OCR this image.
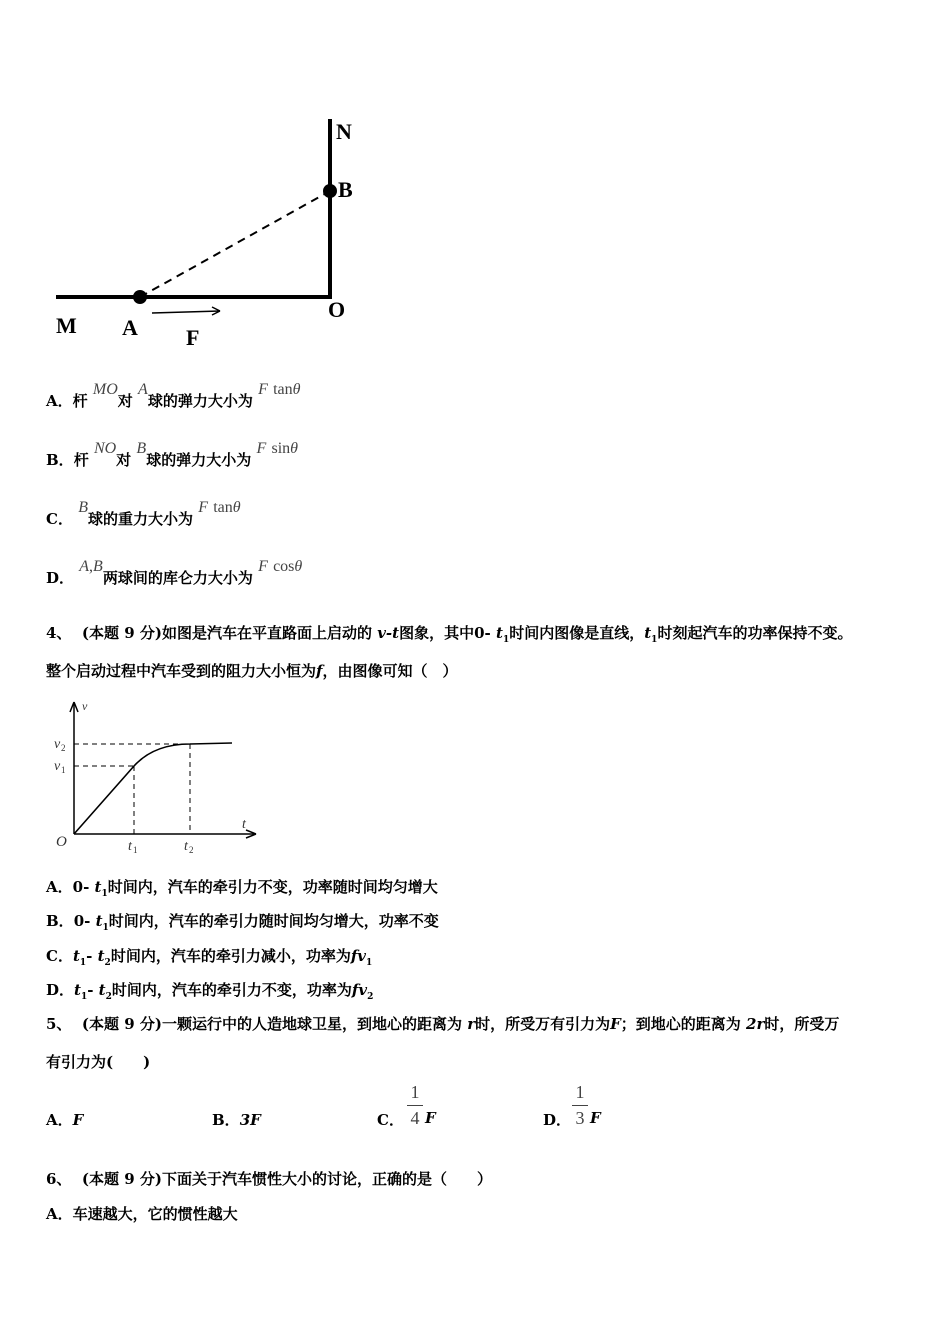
N
B
O
M A F
A．杆 MO对 A球的弹力大小为 F tanθ
B．杆 NO对 B球的弹力大小为 F sinθ
C． B球的重力大小为 F tanθ
D． A,B两球间的库仑力大小为 F cosθ
4、 (本题 9 分)如图是汽车在平直路面上启动的 v-t图象，其中0- $t_1$时间内图像是直线，$t_1$时刻起汽车的功率保持不变。
整个启动过程中汽车受到的阻力大小恒为f，由图像可知（　）
v
v 2
v 1
O
t
t 1	t 2
A．0- $t_1$时间内，汽车的牵引力不变，功率随时间均匀增大
B．0- $t_1$时间内，汽车的牵引力随时间均匀增大，功率不变
C．$t_1-$ $t_2$时间内，汽车的牵引力减小，功率为$fv_1$
D．$t_1-$ $t_2$时间内，汽车的牵引力不变，功率为$fv_2$
5、 (本题 9 分)一颗运行中的人造地球卫星，到地心的距离为 r时，所受万有引力为F；到地心的距离为 2r时，所受万
有引力为(　　)
A．F	B．3F	C．
1
4 F	D．
1
3 F
6、 (本题 9 分)下面关于汽车惯性大小的讨论，正确的是（　　）
A．车速越大，它的惯性越大
